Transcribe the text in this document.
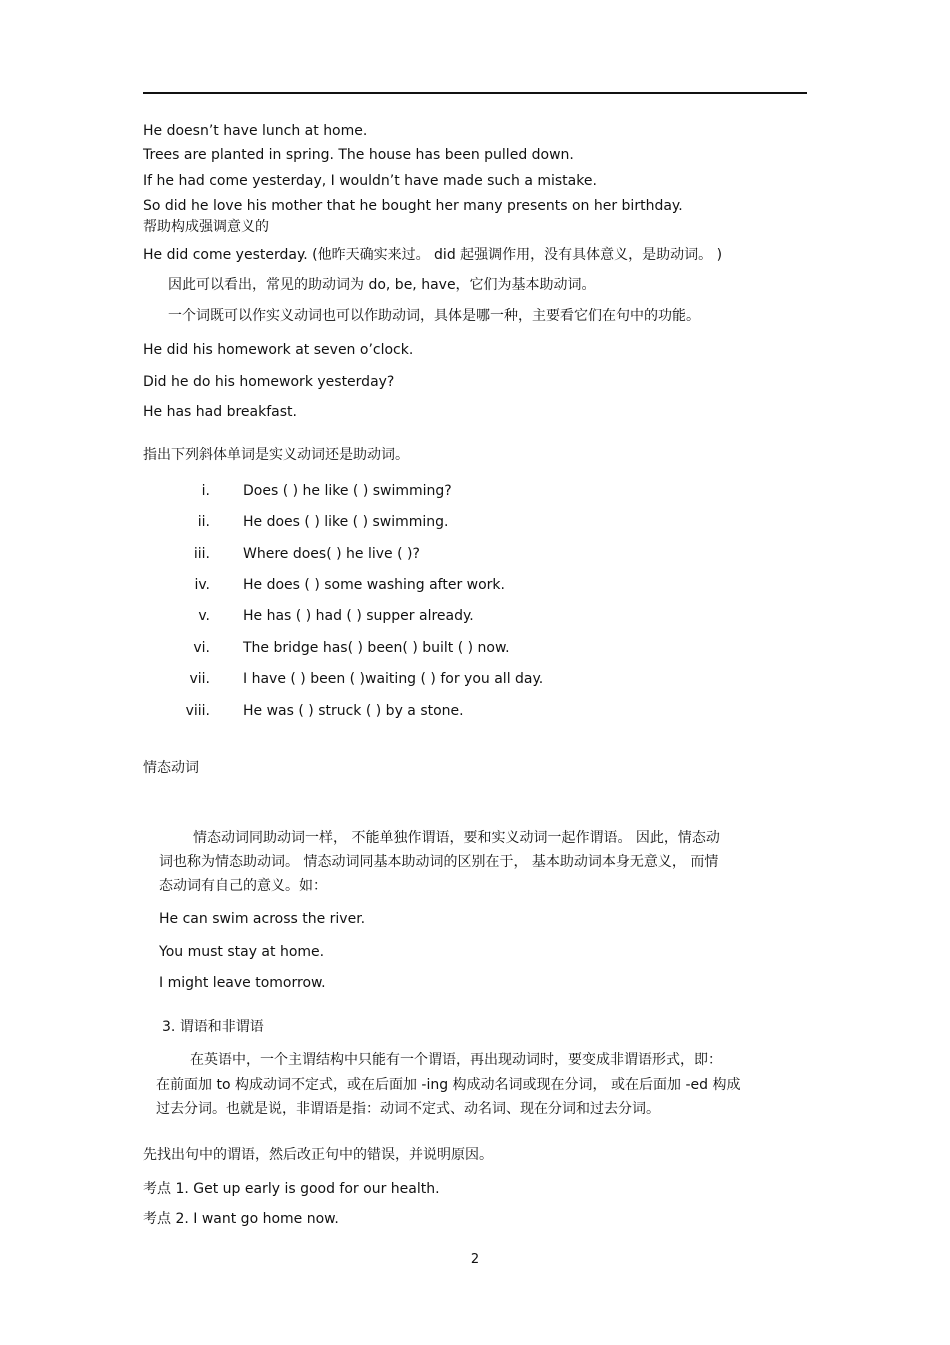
He doesn’t have lunch at home.
Trees are planted in spring. The house has been pulled down.
If he had come yesterday, I wouldn’t have made such a mistake.
So did he love his mother that he bought her many presents on her birthday.
帮助构成强调意义的
He did come yesterday. (他昨天确实来过。 did 起强调作用，没有具体意义，是助动词。 )
因此可以看出，常见的助动词为 do, be, have，它们为基本助动词。
一个词既可以作实义动词也可以作助动词，具体是哪一种，主要看它们在句中的功能。
He did his homework at seven o’clock.
Did he do his homework yesterday?
He has had breakfast.
指出下列斜体单词是实义动词还是助动词。
i. Does ( ) he like ( ) swimming?
ii. He does ( ) like ( ) swimming.
iii. Where does( ) he live ( )?
iv. He does ( ) some washing after work.
v. He has ( ) had ( ) supper already.
vi. The bridge has( ) been( ) built ( ) now.
vii. I have ( ) been ( )waiting ( ) for you all day.
viii. He was ( ) struck ( ) by a stone.
情态动词
情态动词同助动词一样， 不能单独作谓语，要和实义动词一起作谓语。 因此，情态动
词也称为情态助动词。 情态动词同基本助动词的区别在于， 基本助动词本身无意义， 而情
态动词有自己的意义。如：
He can swim across the river.
You must stay at home.
I might leave tomorrow.
3. 谓语和非谓语
在英语中，一个主谓结构中只能有一个谓语，再出现动词时，要变成非谓语形式，即：
在前面加 to 构成动词不定式，或在后面加 -ing 构成动名词或现在分词， 或在后面加 -ed 构成
过去分词。也就是说，非谓语是指：动词不定式、动名词、现在分词和过去分词。
先找出句中的谓语，然后改正句中的错误，并说明原因。
考点 1. Get up early is good for our health.
考点 2. I want go home now.
2
